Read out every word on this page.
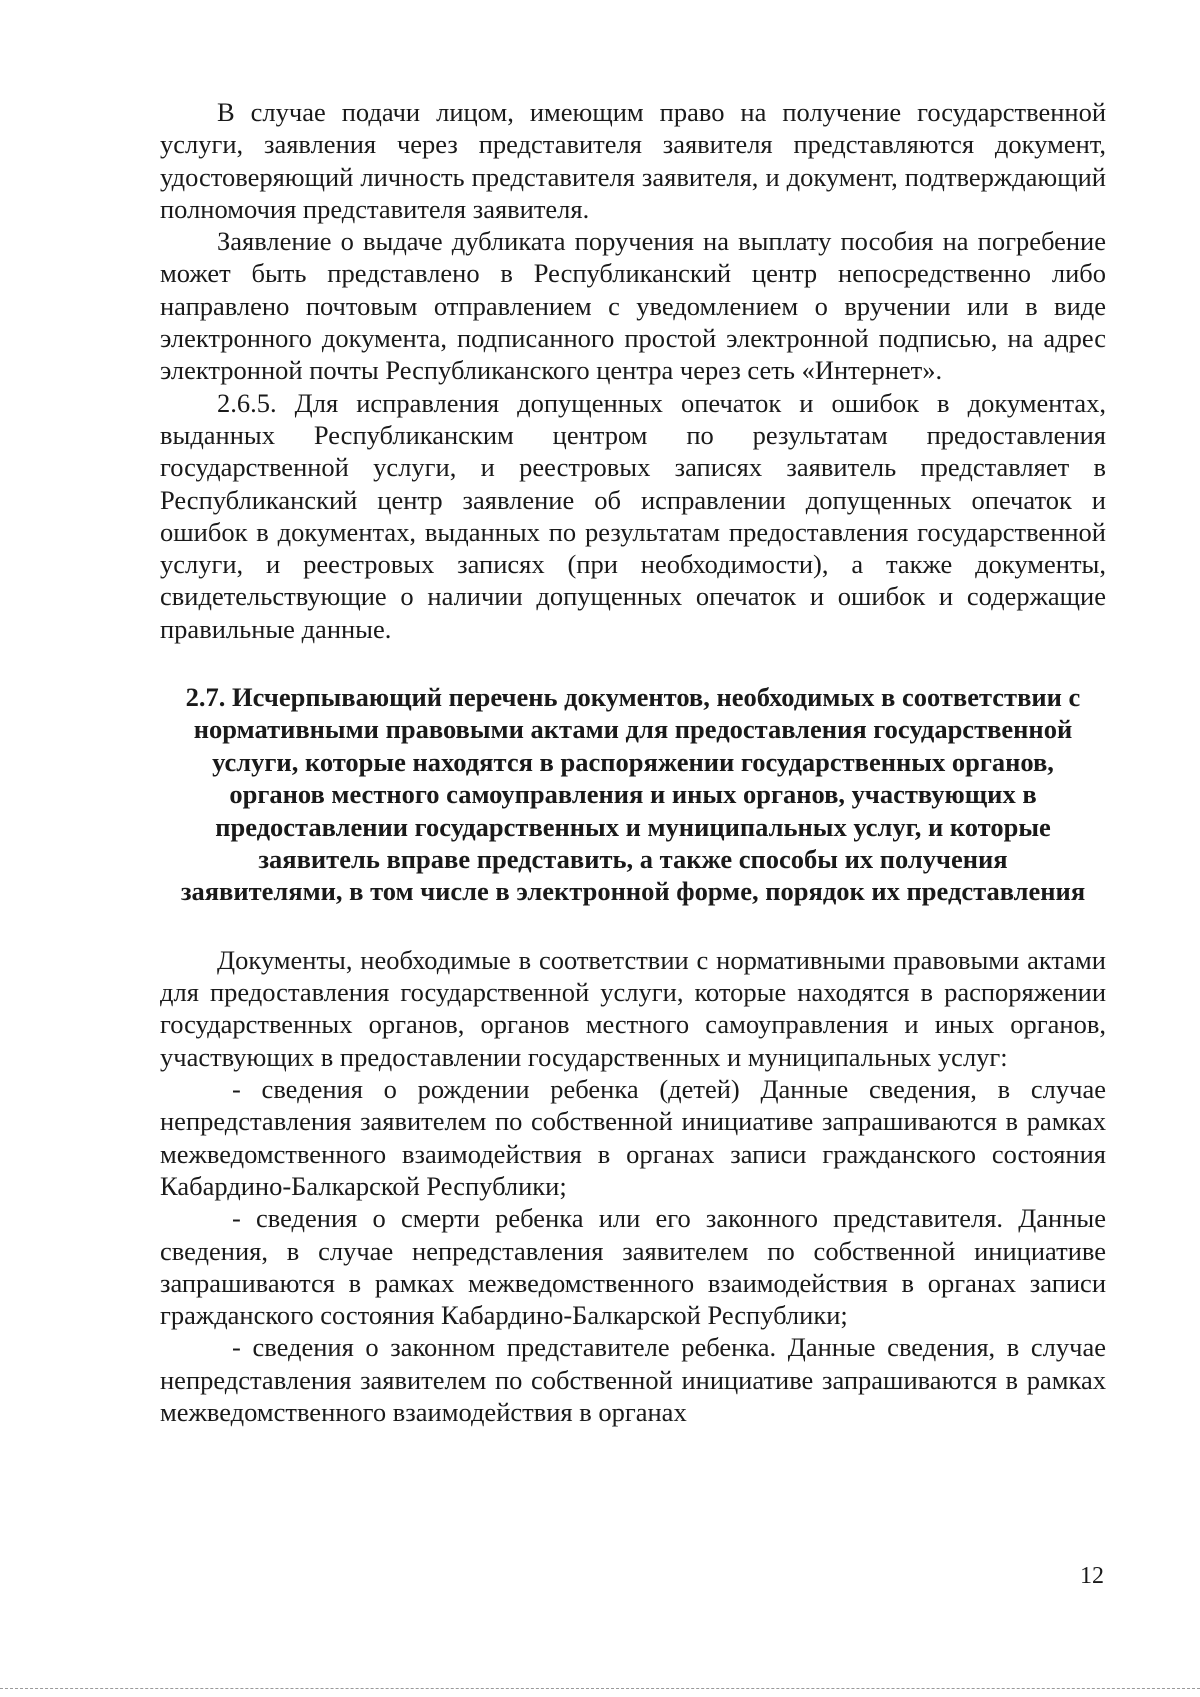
В случае подачи лицом, имеющим право на получение государственной услуги, заявления через представителя заявителя представляются документ, удостоверяющий личность представителя заявителя, и документ, подтверждающий полномочия представителя заявителя.

Заявление о выдаче дубликата поручения на выплату пособия на погребение может быть представлено в Республиканский центр непосредственно либо направлено почтовым отправлением с уведомлением о вручении или в виде электронного документа, подписанного простой электронной подписью, на адрес электронной почты Республиканского центра через сеть «Интернет».

2.6.5. Для исправления допущенных опечаток и ошибок в документах, выданных Республиканским центром по результатам предоставления государственной услуги, и реестровых записях заявитель представляет в Республиканский центр заявление об исправлении допущенных опечаток и ошибок в документах, выданных по результатам предоставления государственной услуги, и реестровых записях (при необходимости), а также документы, свидетельствующие о наличии допущенных опечаток и ошибок и содержащие правильные данные.

2.7. Исчерпывающий перечень документов, необходимых в соответствии с нормативными правовыми актами для предоставления государственной услуги, которые находятся в распоряжении государственных органов, органов местного самоуправления и иных органов, участвующих в предоставлении государственных и муниципальных услуг, и которые заявитель вправе представить, а также способы их получения заявителями, в том числе в электронной форме, порядок их представления

Документы, необходимые в соответствии с нормативными правовыми актами для предоставления государственной услуги, которые находятся в распоряжении государственных органов, органов местного самоуправления и иных органов, участвующих в предоставлении государственных и муниципальных услуг:

- сведения о рождении ребенка (детей) Данные сведения, в случае непредставления заявителем по собственной инициативе запрашиваются в рамках межведомственного взаимодействия в органах записи гражданского состояния Кабардино-Балкарской Республики;

- сведения о смерти ребенка или его законного представителя. Данные сведения, в случае непредставления заявителем по собственной инициативе запрашиваются в рамках межведомственного взаимодействия в органах записи гражданского состояния Кабардино-Балкарской Республики;

- сведения о законном представителе ребенка. Данные сведения, в случае непредставления заявителем по собственной инициативе запрашиваются в рамках межведомственного взаимодействия в органах

12
